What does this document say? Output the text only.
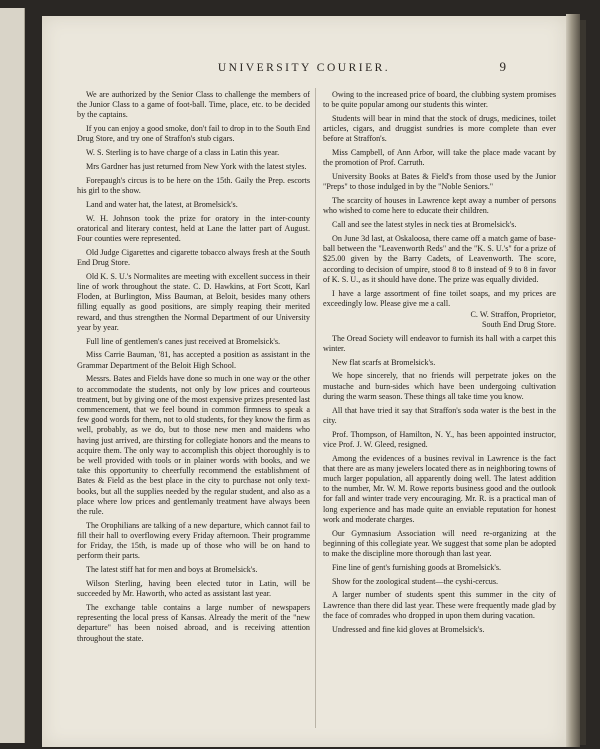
UNIVERSITY COURIER.	9

We are authorized by the Senior Class to challenge the members of the Junior Class to a game of foot-ball. Time, place, etc. to be decided by the captains.

If you can enjoy a good smoke, don't fail to drop in to the South End Drug Store, and try one of Straffon's stub cigars.

W. S. Sterling is to have charge of a class in Latin this year.

Mrs Gardner has just returned from New York with the latest styles.

Forepaugh's circus is to be here on the 15th. Gaily the Prep. escorts his girl to the show.

Land and water hat, the latest, at Bromelsick's.

W. H. Johnson took the prize for oratory in the inter-county oratorical and literary contest, held at Lane the latter part of August. Four counties were represented.

Old Judge Cigarettes and cigarette tobacco always fresh at the South End Drug Store.

Old K. S. U.'s Normalites are meeting with excellent success in their line of work throughout the state. C. D. Hawkins, at Fort Scott, Karl Floden, at Burlington, Miss Bauman, at Beloit, besides many others filling equally as good positions, are simply reaping their merited reward, and thus strengthen the Normal Department of our University year by year.

Full line of gentlemen's canes just received at Bromelsick's.

Miss Carrie Bauman, '81, has accepted a position as assistant in the Grammar Department of the Beloit High School.

Messrs. Bates and Fields have done so much in one way or the other to accommodate the students, not only by low prices and courteous treatment, but by giving one of the most expensive prizes presented last commencement, that we feel bound in common firmness to speak a few good words for them, not to old students, for they know the firm as well, probably, as we do, but to those new men and maidens who having just arrived, are thirsting for collegiate honors and the means to acquire them. The only way to accomplish this object thoroughly is to be well provided with tools or in plainer words with books, and we take this opportunity to cheerfully recommend the establishment of Bates & Field as the best place in the city to purchase not only text-books, but all the supplies needed by the regular student, and also as a place where low prices and gentlemanly treatment have always been the rule.

The Orophilians are talking of a new departure, which cannot fail to fill their hall to overflowing every Friday afternoon. Their programme for Friday, the 15th, is made up of those who will be on hand to perform their parts.

The latest stiff hat for men and boys at Bromelsick's.

Wilson Sterling, having been elected tutor in Latin, will be succeeded by Mr. Haworth, who acted as assistant last year.

The exchange table contains a large number of newspapers representing the local press of Kansas. Already the merit of the "new departure" has been noised abroad, and is receiving attention throughout the state.

Owing to the increased price of board, the clubbing system promises to be quite popular among our students this winter.

Students will bear in mind that the stock of drugs, medicines, toilet articles, cigars, and druggist sundries is more complete than ever before at Straffon's.

Miss Campbell, of Ann Arbor, will take the place made vacant by the promotion of Prof. Carruth.

University Books at Bates & Field's from those used by the Junior "Preps" to those indulged in by the "Noble Seniors."

The scarcity of houses in Lawrence kept away a number of persons who wished to come here to educate their children.

Call and see the latest styles in neck ties at Bromelsick's.

On June 3d last, at Oskaloosa, there came off a match game of base-ball between the "Leavenworth Reds" and the "K. S. U.'s" for a prize of $25.00 given by the Barry Cadets, of Leavenworth. The score, according to decision of umpire, stood 8 to 8 instead of 9 to 8 in favor of K. S. U., as it should have done. The prize was equally divided.

I have a large assortment of fine toilet soaps, and my prices are exceedingly low. Please give me a call.

C. W. Straffon, Proprietor,
South End Drug Store.

The Oread Society will endeavor to furnish its hall with a carpet this winter.

New flat scarfs at Bromelsick's.

We hope sincerely, that no friends will perpetrate jokes on the mustache and burn-sides which have been undergoing cultivation during the warm season. These things all take time you know.

All that have tried it say that Straffon's soda water is the best in the city.

Prof. Thompson, of Hamilton, N. Y., has been appointed instructor, vice Prof. J. W. Gleed, resigned.

Among the evidences of a busines revival in Lawrence is the fact that there are as many jewelers located there as in neighboring towns of much larger population, all apparently doing well. The latest addition to the number, Mr. W. M. Rowe reports business good and the outlook for fall and winter trade very encouraging. Mr. R. is a practical man of long experience and has made quite an enviable reputation for honest work and moderate charges.

Our Gymnasium Association will need re-organizing at the beginning of this collegiate year. We suggest that some plan be adopted to make the discipline more thorough than last year.

Fine line of gent's furnishing goods at Bromelsick's.

Show for the zoological student—the cyshi-cercus.

A larger number of students spent this summer in the city of Lawrence than there did last year. These were frequently made glad by the face of comrades who dropped in upon them during vacation.

Undressed and fine kid gloves at Bromelsick's.
